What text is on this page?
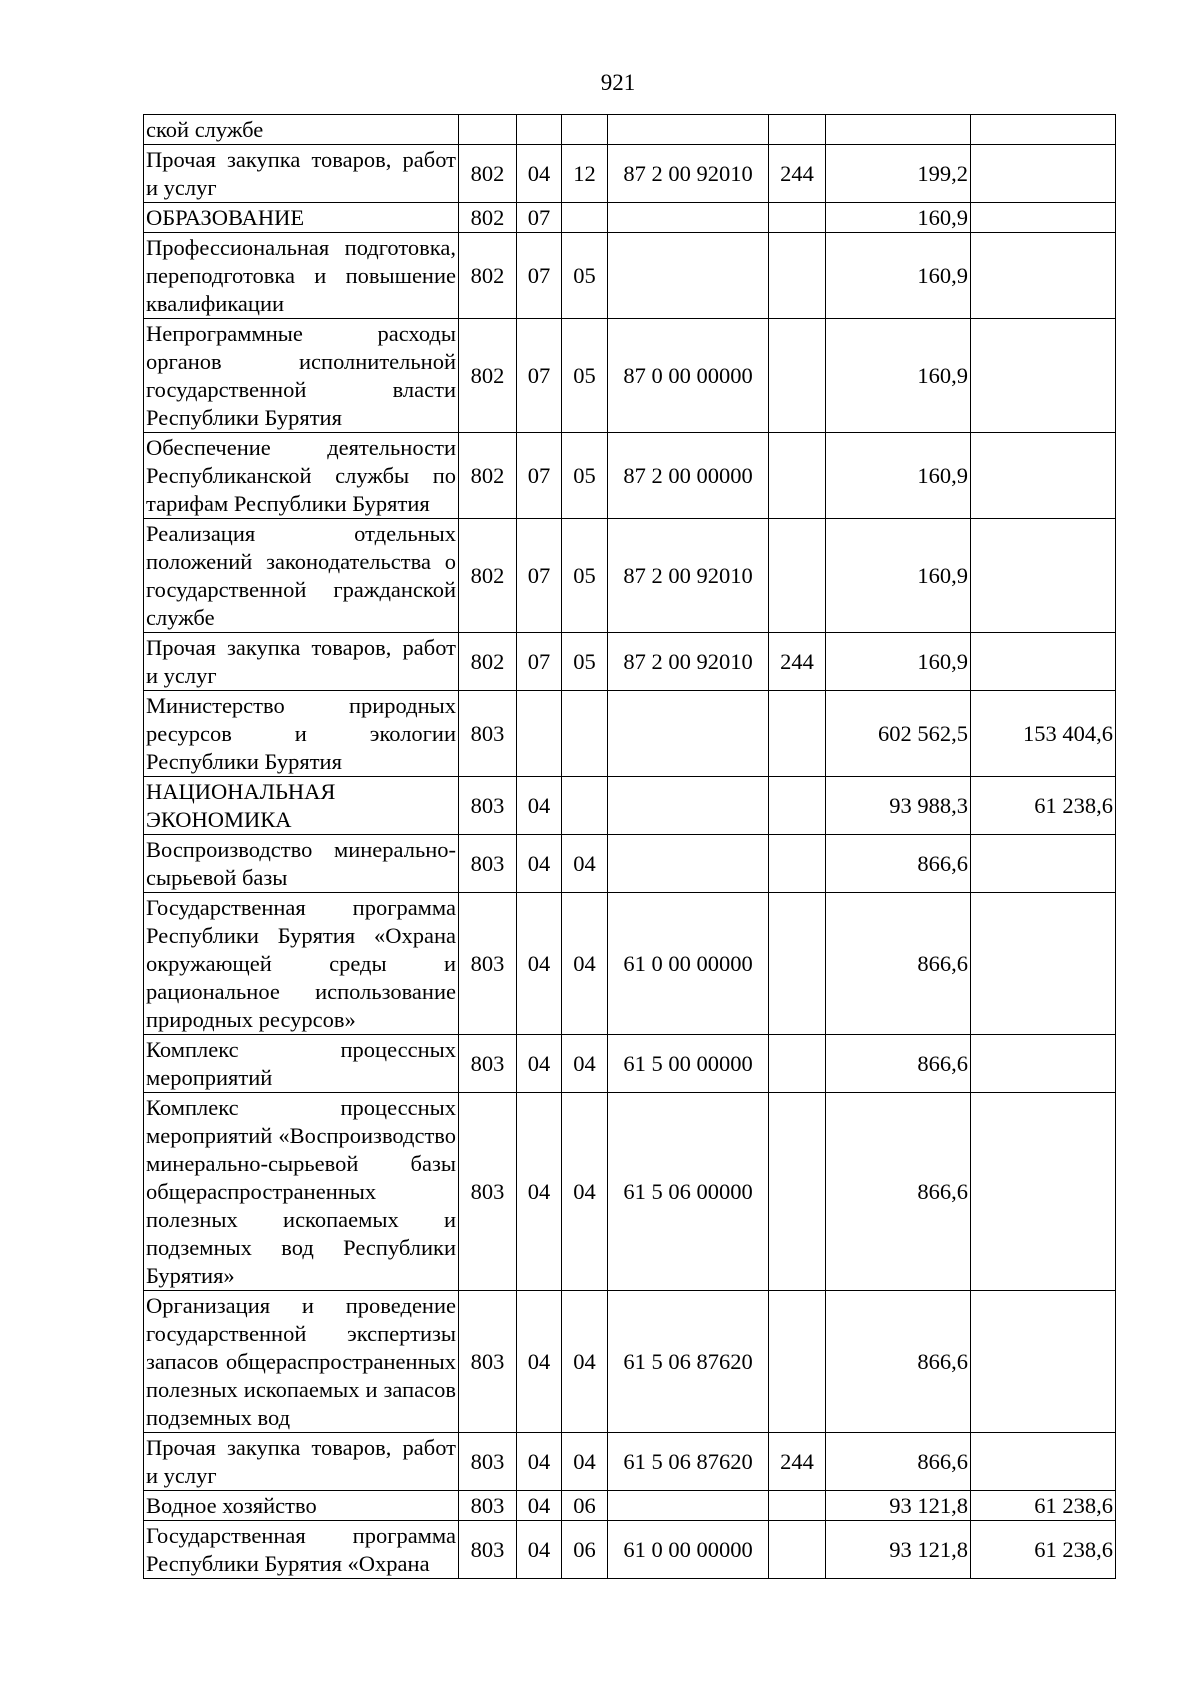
921
ской службе							
Прочая закупка товаров, работ и услуг	802	04	12	87 2 00 92010	244	199,2	
ОБРАЗОВАНИЕ	802	07				160,9	
Профессиональная подготовка, переподготовка и повышение квалификации	802	07	05			160,9	
Непрограммные расходы органов исполнительной государственной власти Республики Бурятия	802	07	05	87 0 00 00000		160,9	
Обеспечение деятельности Республиканской службы по тарифам Республики Бурятия	802	07	05	87 2 00 00000		160,9	
Реализация отдельных положений законодательства о государственной гражданской службе	802	07	05	87 2 00 92010		160,9	
Прочая закупка товаров, работ и услуг	802	07	05	87 2 00 92010	244	160,9	
Министерство природных ресурсов и экологии Республики Бурятия	803					602 562,5	153 404,6
НАЦИОНАЛЬНАЯ ЭКОНОМИКА	803	04				93 988,3	61 238,6
Воспроизводство минерально-сырьевой базы	803	04	04			866,6	
Государственная программа Республики Бурятия «Охрана окружающей среды и рациональное использование природных ресурсов»	803	04	04	61 0 00 00000		866,6	
Комплекс процессных мероприятий	803	04	04	61 5 00 00000		866,6	
Комплекс процессных мероприятий «Воспроизводство минерально-сырьевой базы общераспространенных полезных ископаемых и подземных вод Республики Бурятия»	803	04	04	61 5 06 00000		866,6	
Организация и проведение государственной экспертизы запасов общераспространенных полезных ископаемых и запасов подземных вод	803	04	04	61 5 06 87620		866,6	
Прочая закупка товаров, работ и услуг	803	04	04	61 5 06 87620	244	866,6	
Водное хозяйство	803	04	06			93 121,8	61 238,6
Государственная программа Республики Бурятия «Охрана	803	04	06	61 0 00 00000		93 121,8	61 238,6
